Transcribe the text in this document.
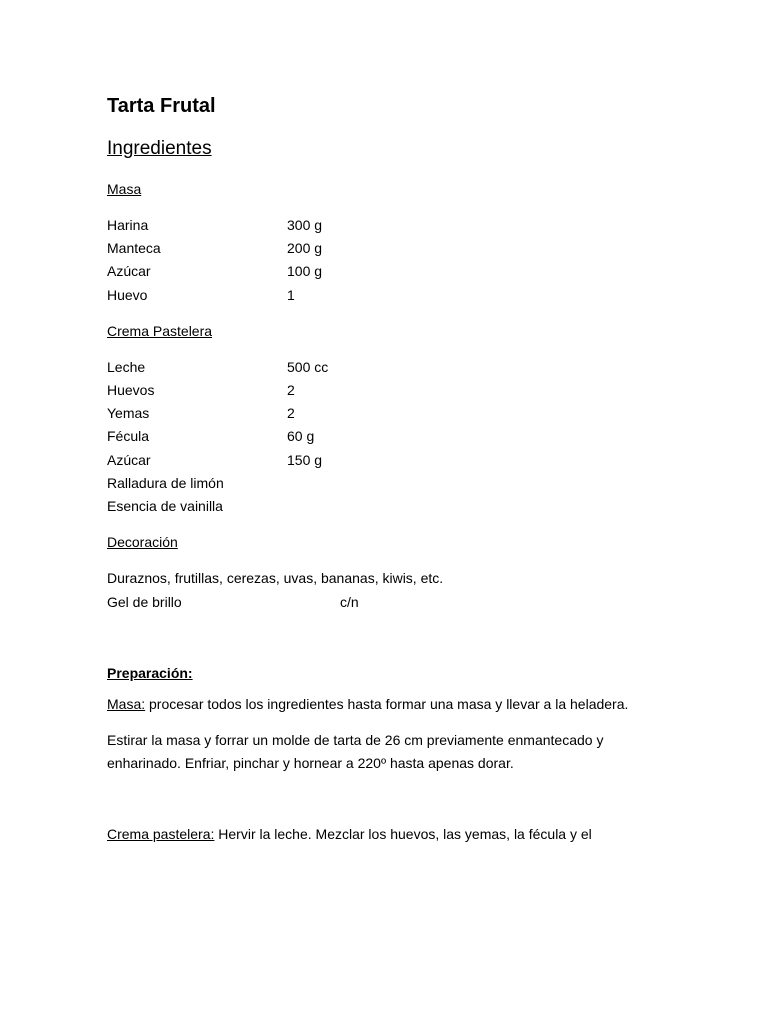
Tarta Frutal
Ingredientes
Masa
Harina	300 g
Manteca	200 g
Azúcar	100 g
Huevo	1
Crema Pastelera
Leche	500 cc
Huevos	2
Yemas	2
Fécula	60 g
Azúcar	150 g
Ralladura de limón
Esencia de vainilla
Decoración
Duraznos, frutillas, cerezas, uvas, bananas, kiwis, etc.
Gel de brillo	c/n
Preparación:
Masa: procesar todos los ingredientes hasta formar una masa y llevar a la heladera.
Estirar la masa y forrar un molde de tarta de 26 cm previamente enmantecado y
enharinado. Enfriar, pinchar y hornear a 220º hasta apenas dorar.
Crema pastelera: Hervir la leche. Mezclar los huevos, las yemas, la fécula y el
